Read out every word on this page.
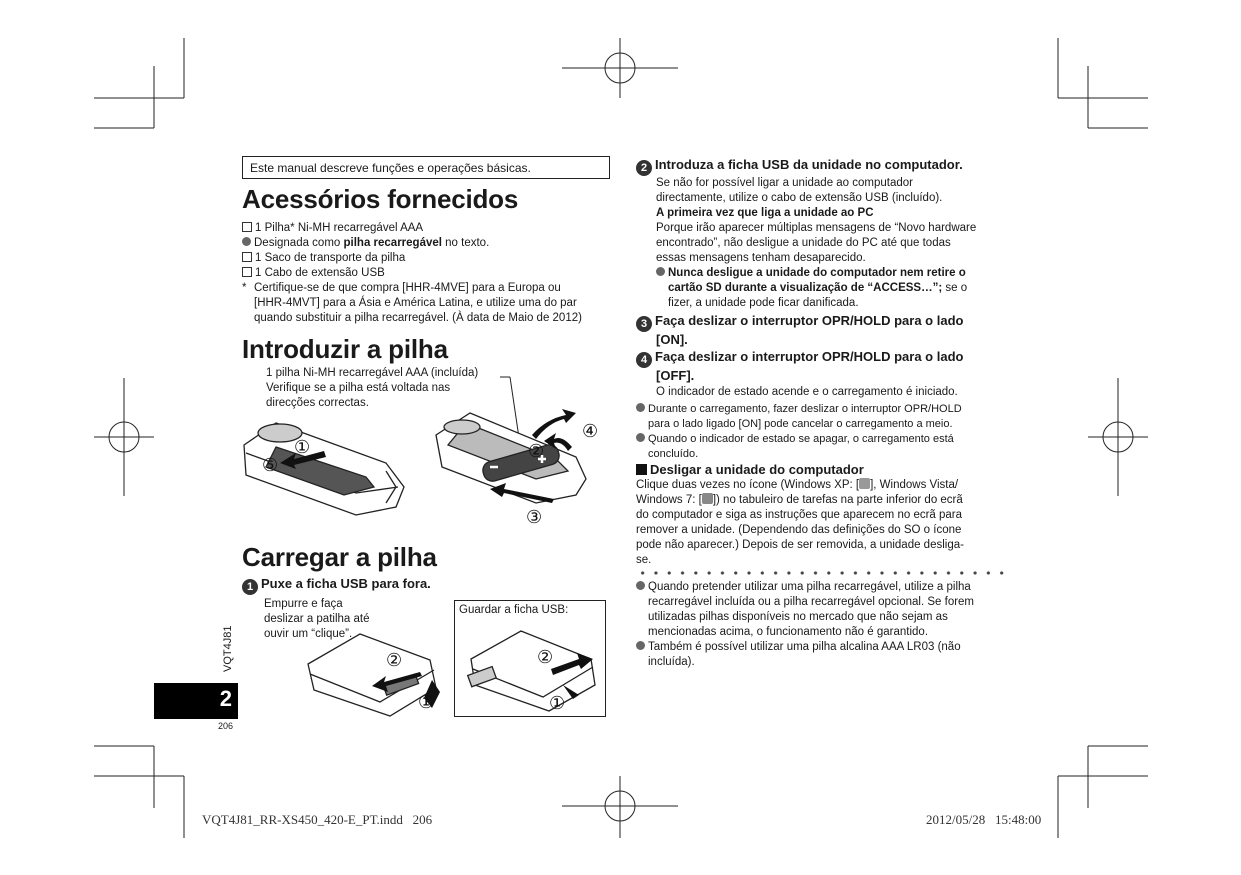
Este manual descreve funções e operações básicas.
Acessórios fornecidos
1 Pilha* Ni-MH recarregável AAA
Designada como pilha recarregável no texto.
1 Saco de transporte da pilha
1 Cabo de extensão USB
* Certifique-se de que compra [HHR-4MVE] para a Europa ou
[HHR-4MVT] para a Ásia e América Latina, e utilize uma do par
quando substituir a pilha recarregável. (À data de Maio de 2012)
Introduzir a pilha
1 pilha Ni-MH recarregável AAA (incluída)
Verifique se a pilha está voltada nas
direcções correctas.
①
⑤
②
④
③
Carregar a pilha
1 Puxe a ficha USB para fora.
Empurre e faça
deslizar a patilha até
ouvir um “clique”.
②
①
Guardar a ficha USB:
②
①
VQT4J81
2
206
2 Introduza a ficha USB da unidade no computador.
Se não for possível ligar a unidade ao computador
directamente, utilize o cabo de extensão USB (incluído).
A primeira vez que liga a unidade ao PC
Porque irão aparecer múltiplas mensagens de “Novo hardware
encontrado”, não desligue a unidade do PC até que todas
essas mensagens tenham desaparecido.
Nunca desligue a unidade do computador nem retire o
cartão SD durante a visualização de “ACCESS…”; se o
fizer, a unidade pode ficar danificada.
3 Faça deslizar o interruptor OPR/HOLD para o lado
[ON].
4 Faça deslizar o interruptor OPR/HOLD para o lado
[OFF].
O indicador de estado acende e o carregamento é iniciado.
Durante o carregamento, fazer deslizar o interruptor OPR/HOLD
para o lado ligado [ON] pode cancelar o carregamento a meio.
Quando o indicador de estado se apagar, o carregamento está
concluído.
Desligar a unidade do computador
Clique duas vezes no ícone (Windows XP: [ ], Windows Vista/
Windows 7: [ ]) no tabuleiro de tarefas na parte inferior do ecrã
do computador e siga as instruções que aparecem no ecrã para
remover a unidade. (Dependendo das definições do SO o ícone
pode não aparecer.) Depois de ser removida, a unidade desliga-
se.
Quando pretender utilizar uma pilha recarregável, utilize a pilha
recarregável incluída ou a pilha recarregável opcional. Se forem
utilizadas pilhas disponíveis no mercado que não sejam as
mencionadas acima, o funcionamento não é garantido.
Também é possível utilizar uma pilha alcalina AAA LR03 (não
incluída).
VQT4J81_RR-XS450_420-E_PT.indd   206	2012/05/28   15:48:00
